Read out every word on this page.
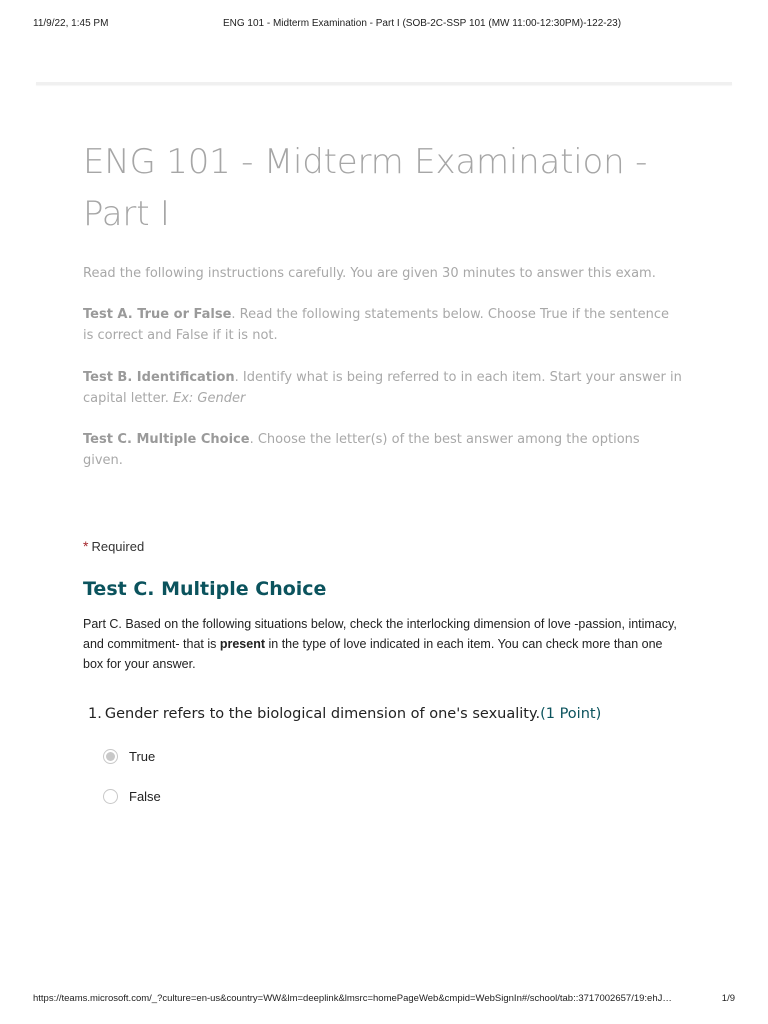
11/9/22, 1:45 PM	ENG 101 - Midterm Examination - Part I (SOB-2C-SSP 101 (MW 11:00-12:30PM)-122-23)
ENG 101 - Midterm Examination - Part I

Read the following instructions carefully. You are given 30 minutes to answer this exam.

Test A. True or False. Read the following statements below. Choose True if the sentence is correct and False if it is not.

Test B. Identification. Identify what is being referred to in each item. Start your answer in capital letter. Ex: Gender

Test C. Multiple Choice. Choose the letter(s) of the best answer among the options given.

* Required
Test C. Multiple Choice

Part C. Based on the following situations below, check the interlocking dimension of love -passion, intimacy, and commitment- that is present in the type of love indicated in each item. You can check more than one box for your answer.

1. Gender refers to the biological dimension of one's sexuality.(1 Point)
True
False
https://teams.microsoft.com/_?culture=en-us&country=WW&lm=deeplink&lmsrc=homePageWeb&cmpid=WebSignIn#/school/tab::3717002657/19:ehJ…	1/9
